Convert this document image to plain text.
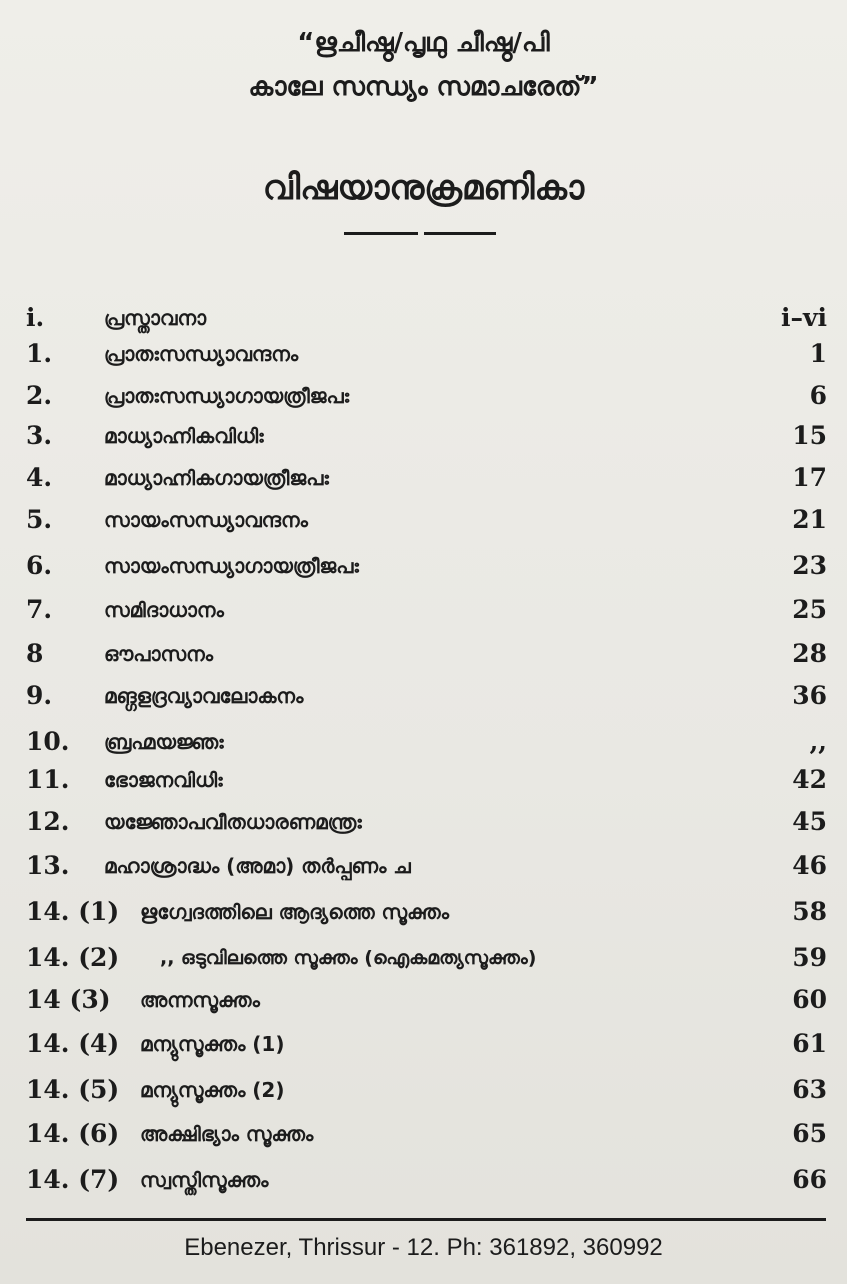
“ഋചീഷ്ഠ/പൃഥു ചീഷ്ഠ/പി
കാലേ സന്ധ്യം സമാചരേത്”
വിഷയാനുക്രമണികാ
i.	പ്രസ്താവനാ	i–vi
1.	പ്രാതഃസന്ധ്യാവന്ദനം	1
2.	പ്രാതഃസന്ധ്യാഗായത്രീജപഃ	6
3.	മാധ്യാഹ്നികവിധിഃ	15
4.	മാധ്യാഹ്നികഗായത്രീജപഃ	17
5.	സായംസന്ധ്യാവന്ദനം	21
6.	സായംസന്ധ്യാഗായത്രീജപഃ	23
7.	സമിദാധാനം	25
8	ഔപാസനം	28
9.	മങ്ഗളദ്രവ്യാവലോകനം	36
10. ബ്രഹ്മയജ്ഞഃ	,,
11. ഭോജനവിധിഃ	42
12. യജ്ഞോപവീതധാരണമന്ത്രഃ	45
13. മഹാശ്രാദ്ധം (അമാ) തർപ്പണം ച	46
14. (1) ഋഗ്വേദത്തിലെ ആദ്യത്തെ സൂക്തം	58
14. (2) ,, ഒടുവിലത്തെ സൂക്തം (ഐകമത്യസൂക്തം)	59
14 (3) അന്നസൂക്തം	60
14. (4) മന്യുസൂക്തം (1)	61
14. (5) മന്യുസൂക്തം (2)	63
14. (6) അക്ഷിഭ്യാം സൂക്തം	65
14. (7) സ്വസ്തിസൂക്തം	66
Ebenezer, Thrissur - 12. Ph: 361892, 360992
